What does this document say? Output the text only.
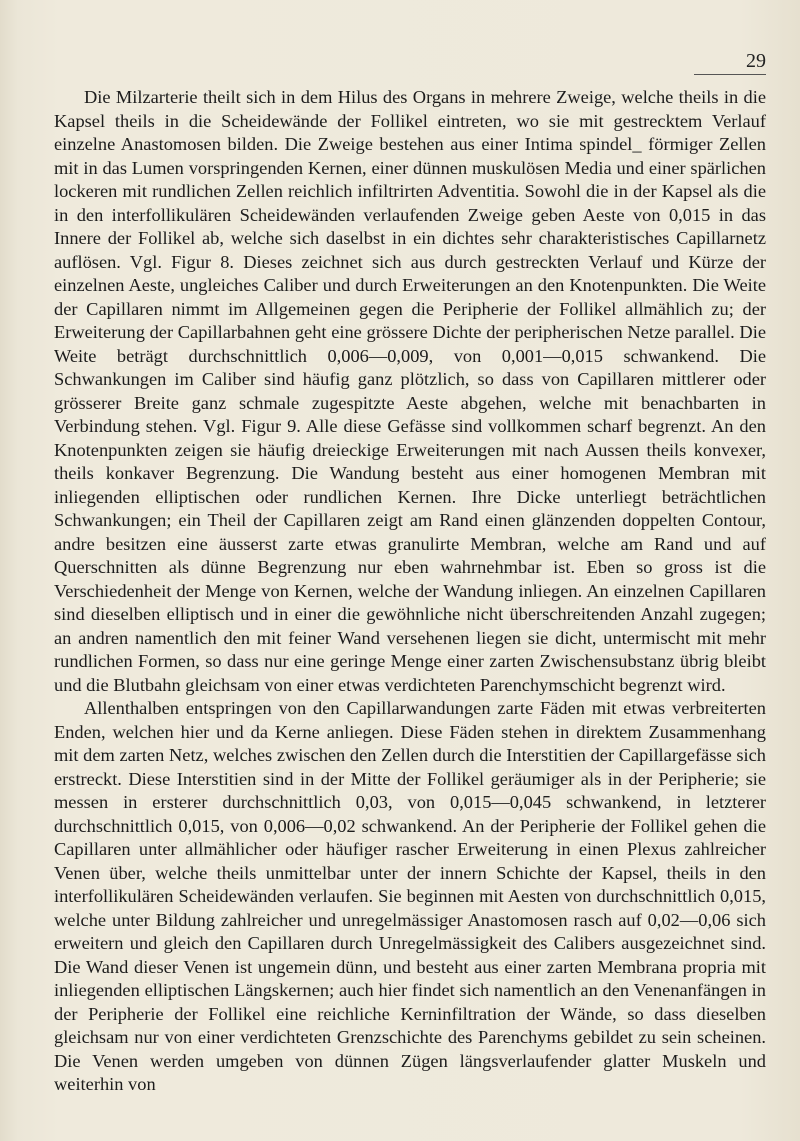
29

Die Milzarterie theilt sich in dem Hilus des Organs in mehrere Zweige, welche theils in die Kapsel theils in die Scheidewände der Follikel eintreten, wo sie mit gestrecktem Verlauf einzelne Anastomosen bilden. Die Zweige bestehen aus einer Intima spindel_ förmiger Zellen mit in das Lumen vorspringenden Kernen, einer dünnen muskulösen Media und einer spärlichen lockeren mit rundlichen Zellen reichlich infiltrirten Adventitia. Sowohl die in der Kapsel als die in den interfollikulären Scheidewänden verlaufenden Zweige geben Aeste von 0,015 in das Innere der Follikel ab, welche sich daselbst in ein dichtes sehr charakteristisches Capillarnetz auflösen. Vgl. Figur 8. Dieses zeichnet sich aus durch gestreckten Verlauf und Kürze der einzelnen Aeste, ungleiches Caliber und durch Erweiterungen an den Knotenpunkten. Die Weite der Capillaren nimmt im Allgemeinen gegen die Peripherie der Follikel allmählich zu; der Erweiterung der Capillarbahnen geht eine grössere Dichte der peripherischen Netze parallel. Die Weite beträgt durchschnittlich 0,006—0,009, von 0,001—0,015 schwankend. Die Schwankungen im Caliber sind häufig ganz plötzlich, so dass von Capillaren mittlerer oder grösserer Breite ganz schmale zugespitzte Aeste abgehen, welche mit benachbarten in Verbindung stehen. Vgl. Figur 9. Alle diese Gefässe sind vollkommen scharf begrenzt. An den Knotenpunkten zeigen sie häufig dreieckige Erweiterungen mit nach Aussen theils konvexer, theils konkaver Begrenzung. Die Wandung besteht aus einer homogenen Membran mit inliegenden elliptischen oder rundlichen Kernen. Ihre Dicke unterliegt beträchtlichen Schwankungen; ein Theil der Capillaren zeigt am Rand einen glänzenden doppelten Contour, andre besitzen eine äusserst zarte etwas granulirte Membran, welche am Rand und auf Querschnitten als dünne Begrenzung nur eben wahrnehmbar ist. Eben so gross ist die Verschiedenheit der Menge von Kernen, welche der Wandung inliegen. An einzelnen Capillaren sind dieselben elliptisch und in einer die gewöhnliche nicht überschreitenden Anzahl zugegen; an andren namentlich den mit feiner Wand versehenen liegen sie dicht, untermischt mit mehr rundlichen Formen, so dass nur eine geringe Menge einer zarten Zwischensubstanz übrig bleibt und die Blutbahn gleichsam von einer etwas verdichteten Parenchymschicht begrenzt wird.

Allenthalben entspringen von den Capillarwandungen zarte Fäden mit etwas verbreiterten Enden, welchen hier und da Kerne anliegen. Diese Fäden stehen in direktem Zusammenhang mit dem zarten Netz, welches zwischen den Zellen durch die Interstitien der Capillargefässe sich erstreckt. Diese Interstitien sind in der Mitte der Follikel geräumiger als in der Peripherie; sie messen in ersterer durchschnittlich 0,03, von 0,015—0,045 schwankend, in letzterer durchschnittlich 0,015, von 0,006—0,02 schwankend. An der Peripherie der Follikel gehen die Capillaren unter allmählicher oder häufiger rascher Erweiterung in einen Plexus zahlreicher Venen über, welche theils unmittelbar unter der innern Schichte der Kapsel, theils in den interfollikulären Scheidewänden verlaufen. Sie beginnen mit Aesten von durchschnittlich 0,015, welche unter Bildung zahlreicher und unregelmässiger Anastomosen rasch auf 0,02—0,06 sich erweitern und gleich den Capillaren durch Unregelmässigkeit des Calibers ausgezeichnet sind. Die Wand dieser Venen ist ungemein dünn, und besteht aus einer zarten Membrana propria mit inliegenden elliptischen Längskernen; auch hier findet sich namentlich an den Venenanfängen in der Peripherie der Follikel eine reichliche Kerninfiltration der Wände, so dass dieselben gleichsam nur von einer verdichteten Grenzschichte des Parenchyms gebildet zu sein scheinen. Die Venen werden umgeben von dünnen Zügen längsverlaufender glatter Muskeln und weiterhin von
